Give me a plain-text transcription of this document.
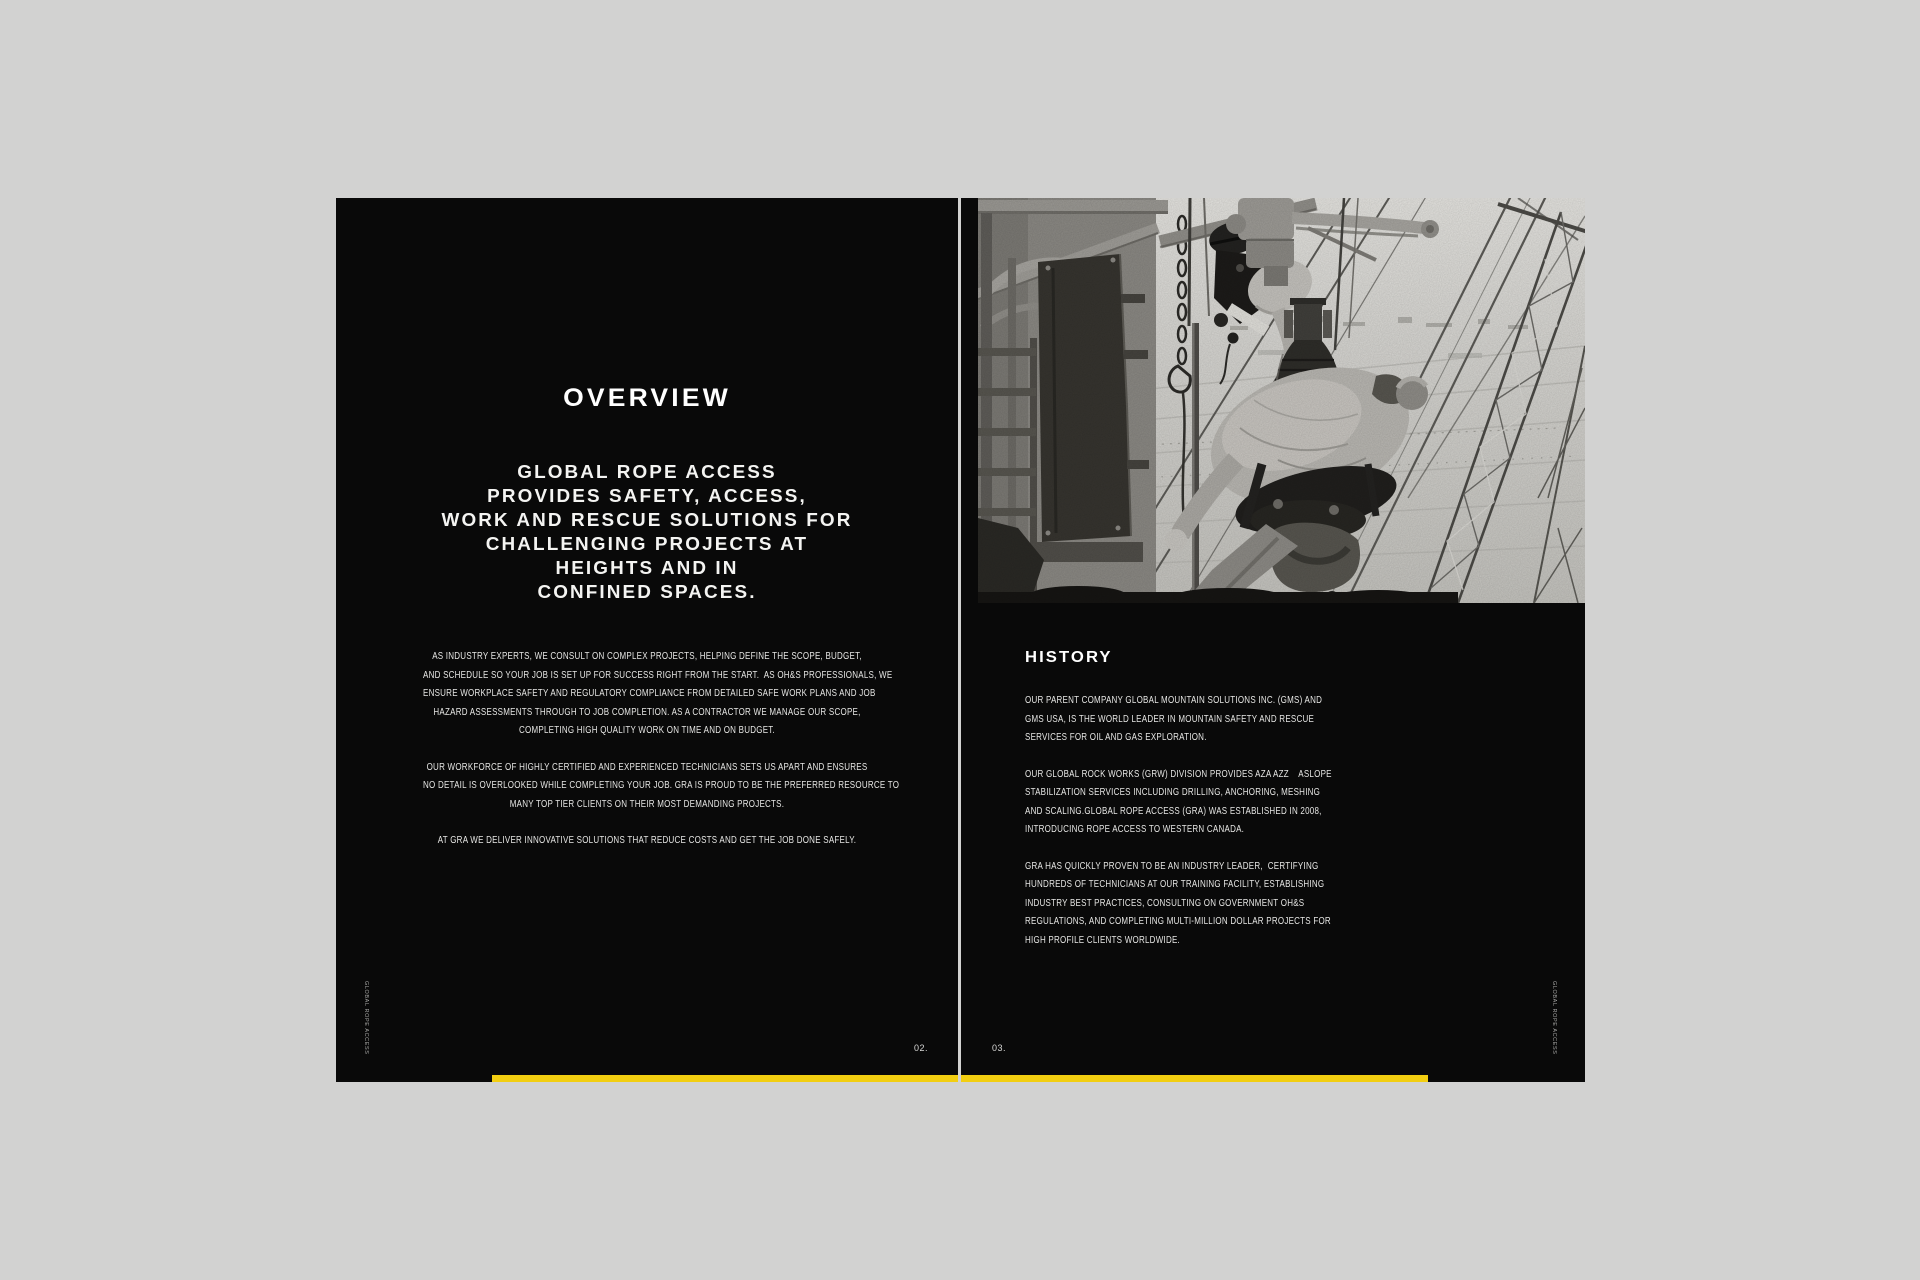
OVERVIEW
GLOBAL ROPE ACCESS
PROVIDES SAFETY, ACCESS,
WORK AND RESCUE SOLUTIONS FOR
CHALLENGING PROJECTS AT
HEIGHTS AND IN
CONFINED SPACES.
AS INDUSTRY EXPERTS, WE CONSULT ON COMPLEX PROJECTS, HELPING DEFINE THE SCOPE, BUDGET,
AND SCHEDULE SO YOUR JOB IS SET UP FOR SUCCESS RIGHT FROM THE START.  AS OH&S PROFESSIONALS, WE
ENSURE WORKPLACE SAFETY AND REGULATORY COMPLIANCE FROM DETAILED SAFE WORK PLANS AND JOB
HAZARD ASSESSMENTS THROUGH TO JOB COMPLETION. AS A CONTRACTOR WE MANAGE OUR SCOPE,
COMPLETING HIGH QUALITY WORK ON TIME AND ON BUDGET.
OUR WORKFORCE OF HIGHLY CERTIFIED AND EXPERIENCED TECHNICIANS SETS US APART AND ENSURES
NO DETAIL IS OVERLOOKED WHILE COMPLETING YOUR JOB. GRA IS PROUD TO BE THE PREFERRED RESOURCE TO
MANY TOP TIER CLIENTS ON THEIR MOST DEMANDING PROJECTS.
AT GRA WE DELIVER INNOVATIVE SOLUTIONS THAT REDUCE COSTS AND GET THE JOB DONE SAFELY.
GLOBAL ROPE ACCESS	02.
HISTORY
OUR PARENT COMPANY GLOBAL MOUNTAIN SOLUTIONS INC. (GMS) AND
GMS USA, IS THE WORLD LEADER IN MOUNTAIN SAFETY AND RESCUE
SERVICES FOR OIL AND GAS EXPLORATION.
OUR GLOBAL ROCK WORKS (GRW) DIVISION PROVIDES AZA AZZ    ASLOPE
STABILIZATION SERVICES INCLUDING DRILLING, ANCHORING, MESHING
AND SCALING.GLOBAL ROPE ACCESS (GRA) WAS ESTABLISHED IN 2008,
INTRODUCING ROPE ACCESS TO WESTERN CANADA.
GRA HAS QUICKLY PROVEN TO BE AN INDUSTRY LEADER,  CERTIFYING
HUNDREDS OF TECHNICIANS AT OUR TRAINING FACILITY, ESTABLISHING
INDUSTRY BEST PRACTICES, CONSULTING ON GOVERNMENT OH&S
REGULATIONS, AND COMPLETING MULTI-MILLION DOLLAR PROJECTS FOR
HIGH PROFILE CLIENTS WORLDWIDE.
GLOBAL ROPE ACCESS
03.
